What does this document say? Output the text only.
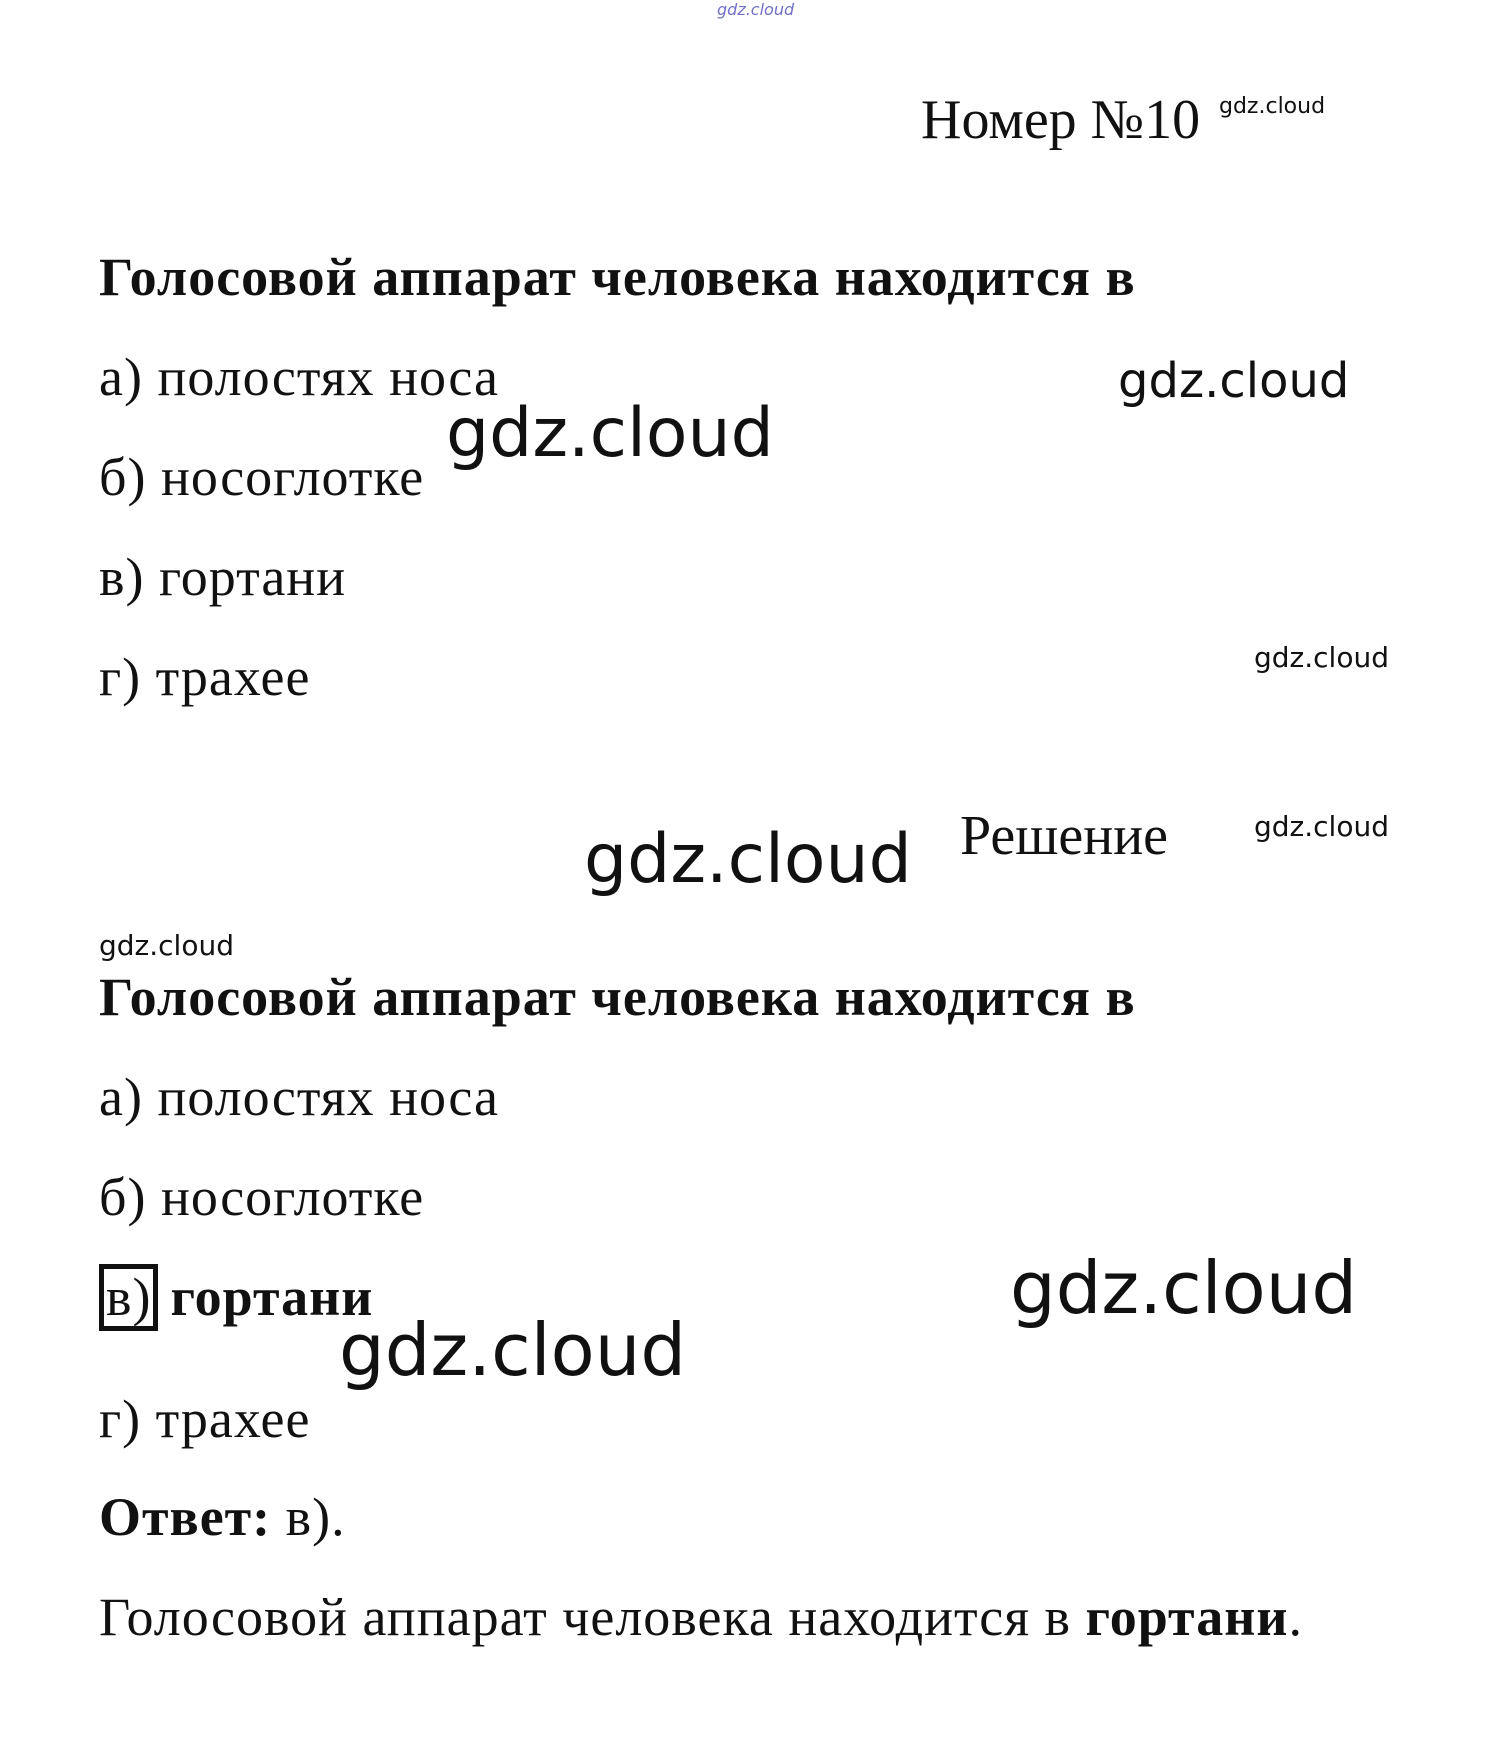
gdz.cloud
Номер №10 gdz.cloud
Голосовой аппарат человека находится в
а) полостях носа	gdz.cloud
б) носоглотке
gdz.cloud
в) гортани
г) трахее	gdz.cloud
gdz.cloud Решение	gdz.cloud
gdz.cloud
Голосовой аппарат человека находится в
а) полостях носа
б) носоглотке
в) гортани	gdz.cloud
gdz.cloud
г) трахее
Ответ: в).
Голосовой аппарат человека находится в гортани.
